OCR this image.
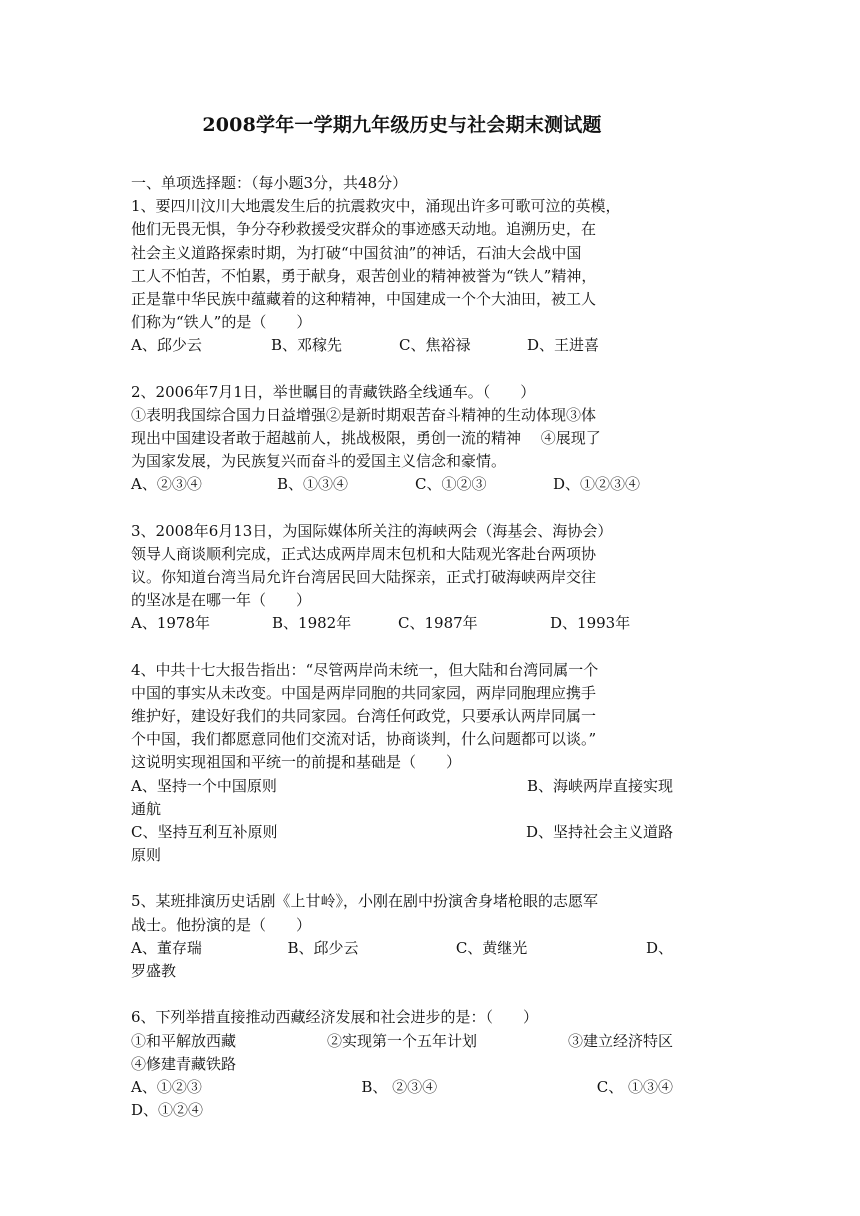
2008学年一学期九年级历史与社会期末测试题
一、单项选择题：（每小题3分，共48分）
1、要四川汶川大地震发生后的抗震救灾中，涌现出许多可歌可泣的英模，
他们无畏无惧，争分夺秒救援受灾群众的事迹感天动地。追溯历史，在
社会主义道路探索时期，为打破“中国贫油”的神话，石油大会战中国
工人不怕苦，不怕累，勇于献身，艰苦创业的精神被誉为“铁人”精神，
正是靠中华民族中蕴藏着的这种精神，中国建成一个个大油田，被工人
们称为“铁人”的是（　　）
A、邱少云	B、邓稼先	C、焦裕禄	D、王进喜
2、2006年7月1日，举世瞩目的青藏铁路全线通车。（　　）
①表明我国综合国力日益增强②是新时期艰苦奋斗精神的生动体现③体
现出中国建设者敢于超越前人，挑战极限，勇创一流的精神　 ④展现了
为国家发展，为民族复兴而奋斗的爱国主义信念和豪情。
A、②③④	B、①③④	C、①②③	D、①②③④
3、2008年6月13日，为国际媒体所关注的海峡两会（海基会、海协会）
领导人商谈顺利完成，正式达成两岸周末包机和大陆观光客赴台两项协
议。你知道台湾当局允许台湾居民回大陆探亲，正式打破海峡两岸交往
的坚冰是在哪一年（　　）
A、1978年	B、1982年	C、1987年	D、1993年
4、中共十七大报告指出：“尽管两岸尚未统一，但大陆和台湾同属一个
中国的事实从未改变。中国是两岸同胞的共同家园，两岸同胞理应携手
维护好，建设好我们的共同家园。台湾任何政党，只要承认两岸同属一
个中国，我们都愿意同他们交流对话，协商谈判，什么问题都可以谈。”
这说明实现祖国和平统一的前提和基础是（　　）
A、坚持一个中国原则	B、海峡两岸直接实现
通航
C、坚持互利互补原则	D、坚持社会主义道路
原则
5、某班排演历史话剧《上甘岭》，小刚在剧中扮演舍身堵枪眼的志愿军
战士。他扮演的是（　　）
A、董存瑞	B、邱少云	C、黄继光	D、
罗盛教
6、下列举措直接推动西藏经济发展和社会进步的是：（　　）
①和平解放西藏	②实现第一个五年计划	③建立经济特区
④修建青藏铁路
A、①②③	B、 ②③④	C、 ①③④
D、①②④
